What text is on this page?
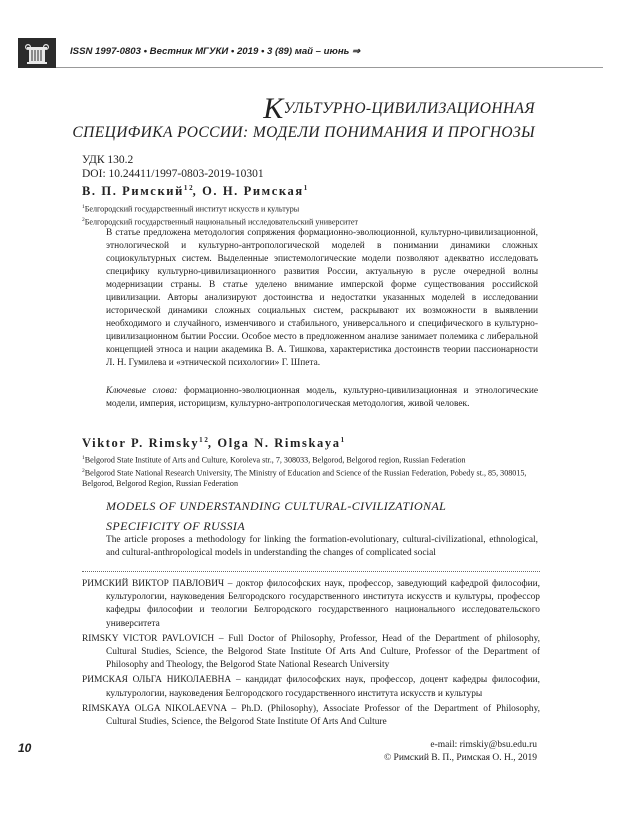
ISSN 1997-0803 • Вестник МГУКИ • 2019 • 3 (89) май – июнь ⇒
КУЛЬТУРНО-ЦИВИЛИЗАЦИОННАЯ
СПЕЦИФИКА РОССИИ: МОДЕЛИ ПОНИМАНИЯ И ПРОГНОЗЫ
УДК 130.2
DOI: 10.24411/1997-0803-2019-10301
В. П. Римский$^{1 2}$, О. Н. Римская$^1$
$^1$Белгородский государственный институт искусств и культуры
$^2$Белгородский государственный национальный исследовательский университет
В статье предложена методология сопряжения формационно-эволюционной, культурно-цивилизационной, этнологической и культурно-антропологической моделей в понимании динамики сложных социокультурных систем. Выделенные эпистемологические модели позволяют адекватно исследовать специфику культурно-цивилизационного развития России, актуальную в русле очередной волны модернизации страны. В статье уделено внимание имперской форме существования российской цивилизации. Авторы анализируют достоинства и недостатки указанных моделей в исследовании исторической динамики сложных социальных систем, раскрывают их возможности в выявлении необходимого и случайного, изменчивого и стабильного, универсального и специфического в культурно-цивилизационном бытии России. Особое место в предложенном анализе занимает полемика с либеральной концепцией этноса и нации академика В. А. Тишкова, характеристика достоинств теории пассионарности Л. Н. Гумилева и «этнической психологии» Г. Шпета.
Ключевые слова: формационно-эволюционная модель, культурно-цивилизационная и этнологические модели, империя, историцизм, культурно-антропологическая методология, живой человек.
Viktor P. Rimsky$^{1 2}$, Olga N. Rimskaya$^1$
$^1$Belgorod State Institute of Arts and Culture, Koroleva str., 7, 308033, Belgorod, Belgorod region, Russian Federation
$^2$Belgorod State National Research University, The Ministry of Education and Science of the Russian Federation, Pobedy st., 85, 308015, Belgorod, Belgorod Region, Russian Federation
MODELS OF UNDERSTANDING CULTURAL-CIVILIZATIONAL
SPECIFICITY OF RUSSIA
The article proposes a methodology for linking the formation-evolutionary, cultural-civilizational, ethnological, and cultural-anthropological models in understanding the changes of complicated social
РИМСКИЙ ВИКТОР ПАВЛОВИЧ – доктор философских наук, профессор, заведующий кафедрой философии, культурологии, науковедения Белгородского государственного института искусств и культуры, профессор кафедры философии и теологии Белгородского государственного национального исследовательского университета
RIMSKY VICTOR PAVLOVICH – Full Doctor of Philosophy, Professor, Head of the Department of philosophy, Cultural Studies, Science, the Belgorod State Institute Of Arts And Culture, Professor of the Department of Philosophy and Theology, the Belgorod State National Research University
РИМСКАЯ ОЛЬГА НИКОЛАЕВНА – кандидат философских наук, профессор, доцент кафедры философии, культурологии, науковедения Белгородского государственного института искусств и культуры
RIMSKAYA OLGA NIKOLAEVNA – Ph.D. (Philosophy), Associate Professor of the Department of Philosophy, Cultural Studies, Science, the Belgorod State Institute Of Arts And Culture
10	e-mail: rimskiy@bsu.edu.ru
© Римский В. П., Римская О. Н., 2019
